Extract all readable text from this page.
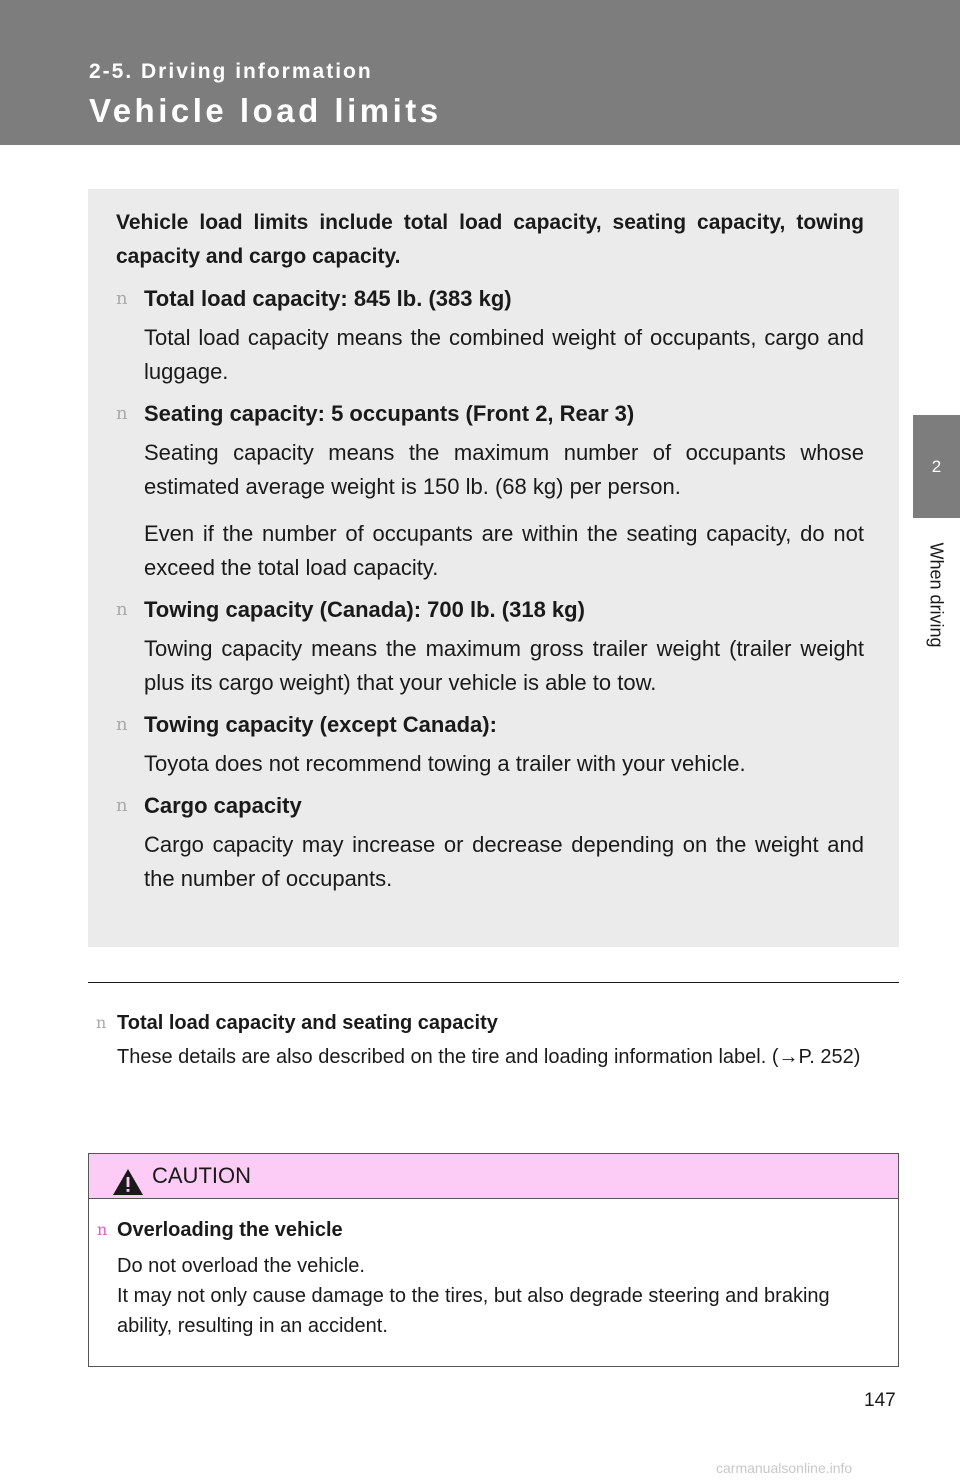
2-5. Driving information
Vehicle load limits
2
When driving

Vehicle load limits include total load capacity, seating capacity, towing capacity and cargo capacity.

n Total load capacity: 845 lb. (383 kg)
Total load capacity means the combined weight of occupants, cargo and luggage.
n Seating capacity: 5 occupants (Front 2, Rear 3)
Seating capacity means the maximum number of occupants whose estimated average weight is 150 lb. (68 kg) per person.
Even if the number of occupants are within the seating capacity, do not exceed the total load capacity.
n Towing capacity (Canada): 700 lb. (318 kg)
Towing capacity means the maximum gross trailer weight (trailer weight plus its cargo weight) that your vehicle is able to tow.
n Towing capacity (except Canada):
Toyota does not recommend towing a trailer with your vehicle.
n Cargo capacity
Cargo capacity may increase or decrease depending on the weight and the number of occupants.
n Total load capacity and seating capacity
These details are also described on the tire and loading information label. (→P. 252)
CAUTION
n Overloading the vehicle
Do not overload the vehicle.
It may not only cause damage to the tires, but also degrade steering and braking ability, resulting in an accident.
147
carmanualsonline.info
